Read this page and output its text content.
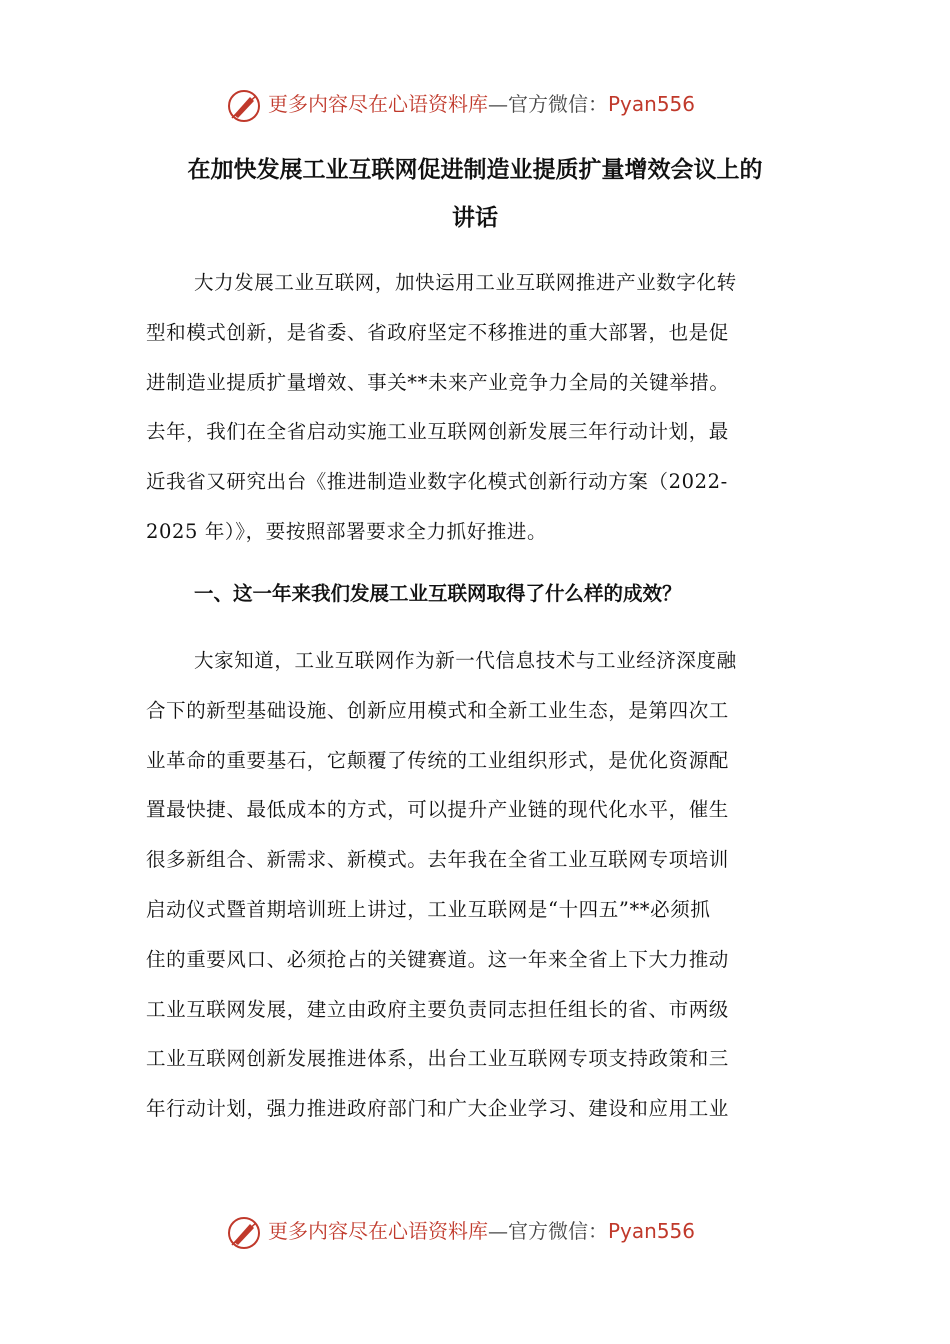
更多内容尽在心语资料库—官方微信：Pyan556
在加快发展工业互联网促进制造业提质扩量增效会议上的
讲话
大力发展工业互联网，加快运用工业互联网推进产业数字化转
型和模式创新，是省委、省政府坚定不移推进的重大部署，也是促
进制造业提质扩量增效、事关**未来产业竞争力全局的关键举措。
去年，我们在全省启动实施工业互联网创新发展三年行动计划，最
近我省又研究出台《推进制造业数字化模式创新行动方案（2022-
2025 年）》，要按照部署要求全力抓好推进。
一、这一年来我们发展工业互联网取得了什么样的成效？
大家知道，工业互联网作为新一代信息技术与工业经济深度融
合下的新型基础设施、创新应用模式和全新工业生态，是第四次工
业革命的重要基石，它颠覆了传统的工业组织形式，是优化资源配
置最快捷、最低成本的方式，可以提升产业链的现代化水平，催生
很多新组合、新需求、新模式。去年我在全省工业互联网专项培训
启动仪式暨首期培训班上讲过，工业互联网是“十四五”**必须抓
住的重要风口、必须抢占的关键赛道。这一年来全省上下大力推动
工业互联网发展，建立由政府主要负责同志担任组长的省、市两级
工业互联网创新发展推进体系，出台工业互联网专项支持政策和三
年行动计划，强力推进政府部门和广大企业学习、建设和应用工业
更多内容尽在心语资料库—官方微信：Pyan556
